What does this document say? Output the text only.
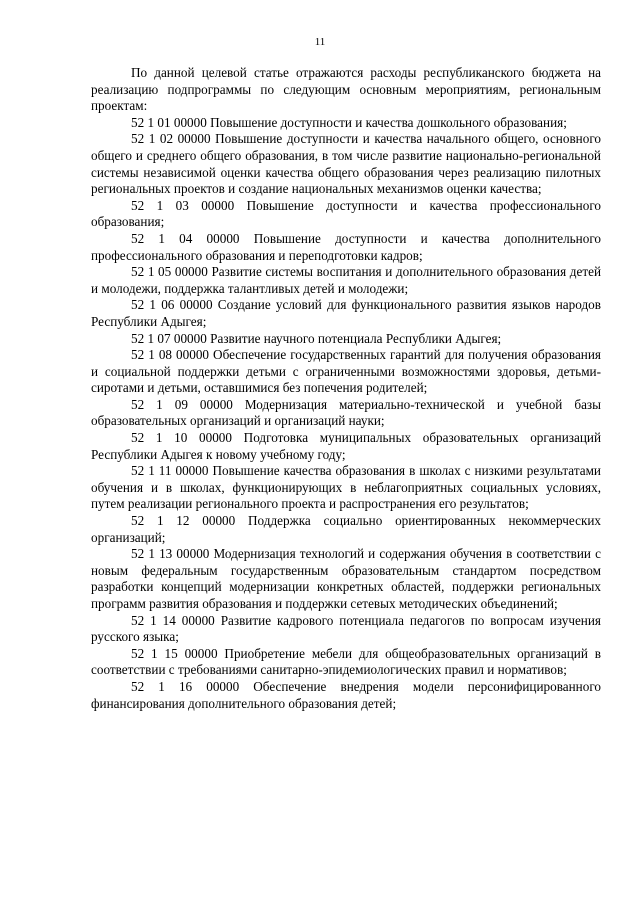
11

По данной целевой статье отражаются расходы республиканского бюджета на реализацию подпрограммы по следующим основным мероприятиям, региональным проектам:

52 1 01 00000 Повышение доступности и качества дошкольного образования;

52 1 02 00000 Повышение доступности и качества начального общего, основного общего и среднего общего образования, в том числе развитие национально-региональной системы независимой оценки качества общего образования через реализацию пилотных региональных проектов и создание национальных механизмов оценки качества;

52 1 03 00000 Повышение доступности и качества профессионального образования;

52 1 04 00000 Повышение доступности и качества дополнительного профессионального образования и переподготовки кадров;

52 1 05 00000 Развитие системы воспитания и дополнительного образования детей и молодежи, поддержка талантливых детей и молодежи;

52 1 06 00000 Создание условий для функционального развития языков народов Республики Адыгея;

52 1 07 00000 Развитие научного потенциала Республики Адыгея;

52 1 08 00000 Обеспечение государственных гарантий для получения образования и социальной поддержки детьми с ограниченными возможностями здоровья, детьми-сиротами и детьми, оставшимися без попечения родителей;

52 1 09 00000 Модернизация материально-технической и учебной базы образовательных организаций и организаций науки;

52 1 10 00000 Подготовка муниципальных образовательных организаций Республики Адыгея к новому учебному году;

52 1 11 00000 Повышение качества образования в школах с низкими результатами обучения и в школах, функционирующих в неблагоприятных социальных условиях, путем реализации регионального проекта и распространения его результатов;

52 1 12 00000 Поддержка социально ориентированных некоммерческих организаций;

52 1 13 00000 Модернизация технологий и содержания обучения в соответствии с новым федеральным государственным образовательным стандартом посредством разработки концепций модернизации конкретных областей, поддержки региональных программ развития образования и поддержки сетевых методических объединений;

52 1 14 00000 Развитие кадрового потенциала педагогов по вопросам изучения русского языка;

52 1 15 00000 Приобретение мебели для общеобразовательных организаций в соответствии с требованиями санитарно-эпидемиологических правил и нормативов;

52 1 16 00000 Обеспечение внедрения модели персонифицированного финансирования дополнительного образования детей;
